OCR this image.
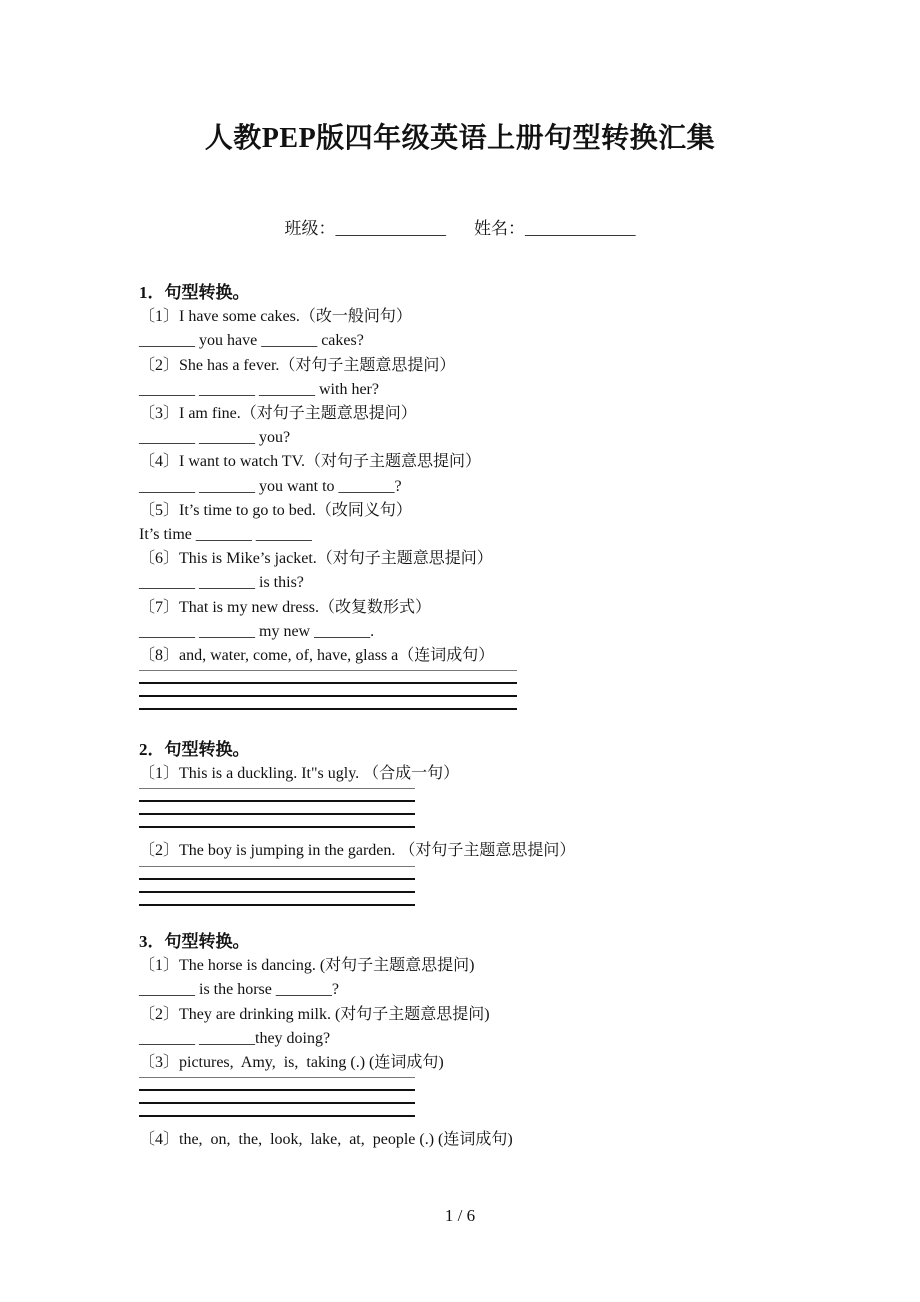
人教PEP版四年级英语上册句型转换汇集
班级：_____________ 姓名：_____________
1．句型转换。
〔1〕I have some cakes.（改一般问句）
_______ you have _______ cakes?
〔2〕She has a fever.（对句子主题意思提问）
_______ _______ _______ with her?
〔3〕I am fine.（对句子主题意思提问）
_______ _______ you?
〔4〕I want to watch TV.（对句子主题意思提问）
_______ _______ you want to _______?
〔5〕It’s time to go to bed.（改同义句）
It’s time _______ _______
〔6〕This is Mike’s jacket.（对句子主题意思提问）
_______ _______ is this?
〔7〕That is my new dress.（改复数形式）
_______ _______ my new _______.
〔8〕and, water, come, of, have, glass a（连词成句）
2．句型转换。
〔1〕This is a duckling. It"s ugly. （合成一句）
〔2〕The boy is jumping in the garden. （对句子主题意思提问）
3．句型转换。
〔1〕The horse is dancing. (对句子主题意思提问)
_______ is the horse _______?
〔2〕They are drinking milk. (对句子主题意思提问)
_______ _______they doing?
〔3〕pictures,  Amy,  is,  taking (.) (连词成句)
〔4〕the,  on,  the,  look,  lake,  at,  people (.) (连词成句)
1 / 6
